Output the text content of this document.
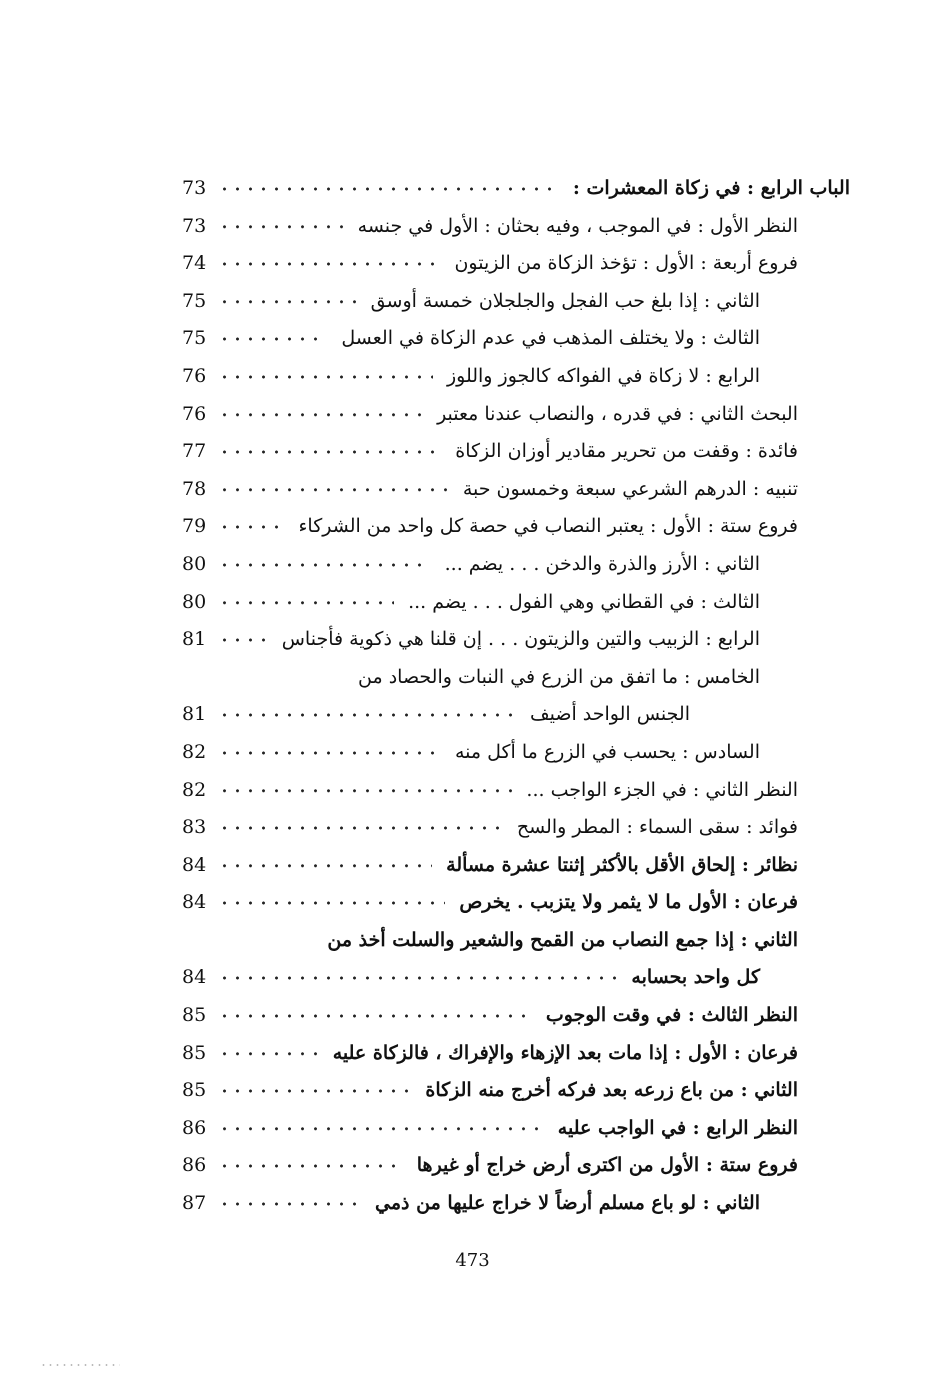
الباب الرابع : في زكاة المعشرات :
73
النظر الأول : في الموجب ، وفيه بحثان : الأول في جنسه
73
فروع أربعة : الأول : تؤخذ الزكاة من الزيتون
74
الثاني : إذا بلغ حب الفجل والجلجلان خمسة أوسق
75
الثالث : ولا يختلف المذهب في عدم الزكاة في العسل
75
الرابع : لا زكاة في الفواكه كالجوز واللوز
76
البحث الثاني : في قدره ، والنصاب عندنا معتبر
76
فائدة : وقفت من تحرير مقادير أوزان الزكاة
77
تنبيه : الدرهم الشرعي سبعة وخمسون حبة
78
فروع ستة : الأول : يعتبر النصاب في حصة كل واحد من الشركاء
79
الثاني : الأرز والذرة والدخن . . . يضم ...
80
الثالث : في القطاني وهي الفول . . . يضم ...
80
الرابع : الزبيب والتين والزيتون . . . إن قلنا هي ذكوية فأجناس
81
الخامس : ما اتفق من الزرع في النبات والحصاد من
الجنس الواحد أضيف
81
السادس : يحسب في الزرع ما أكل منه
82
النظر الثاني : في الجزء الواجب ...
82
فوائد : سقى السماء : المطر والسح
83
نظائر : إلحاق الأقل بالأكثر إثنتا عشرة مسألة
84
فرعان : الأول ما لا يثمر ولا يتزبب . يخرص
84
الثاني : إذا جمع النصاب من القمح والشعير والسلت أخذ من
كل واحد بحسابه
84
النظر الثالث : في وقت الوجوب
85
فرعان : الأول : إذا مات بعد الإزهاء والإفراك ، فالزكاة عليه
85
الثاني : من باع زرعه بعد فركه أخرج منه الزكاة
85
النظر الرابع : في الواجب عليه
86
فروع ستة : الأول من اكترى أرض خراج أو غيرها
86
الثاني : لو باع مسلم أرضاً لا خراج عليها من ذمي
87
473
